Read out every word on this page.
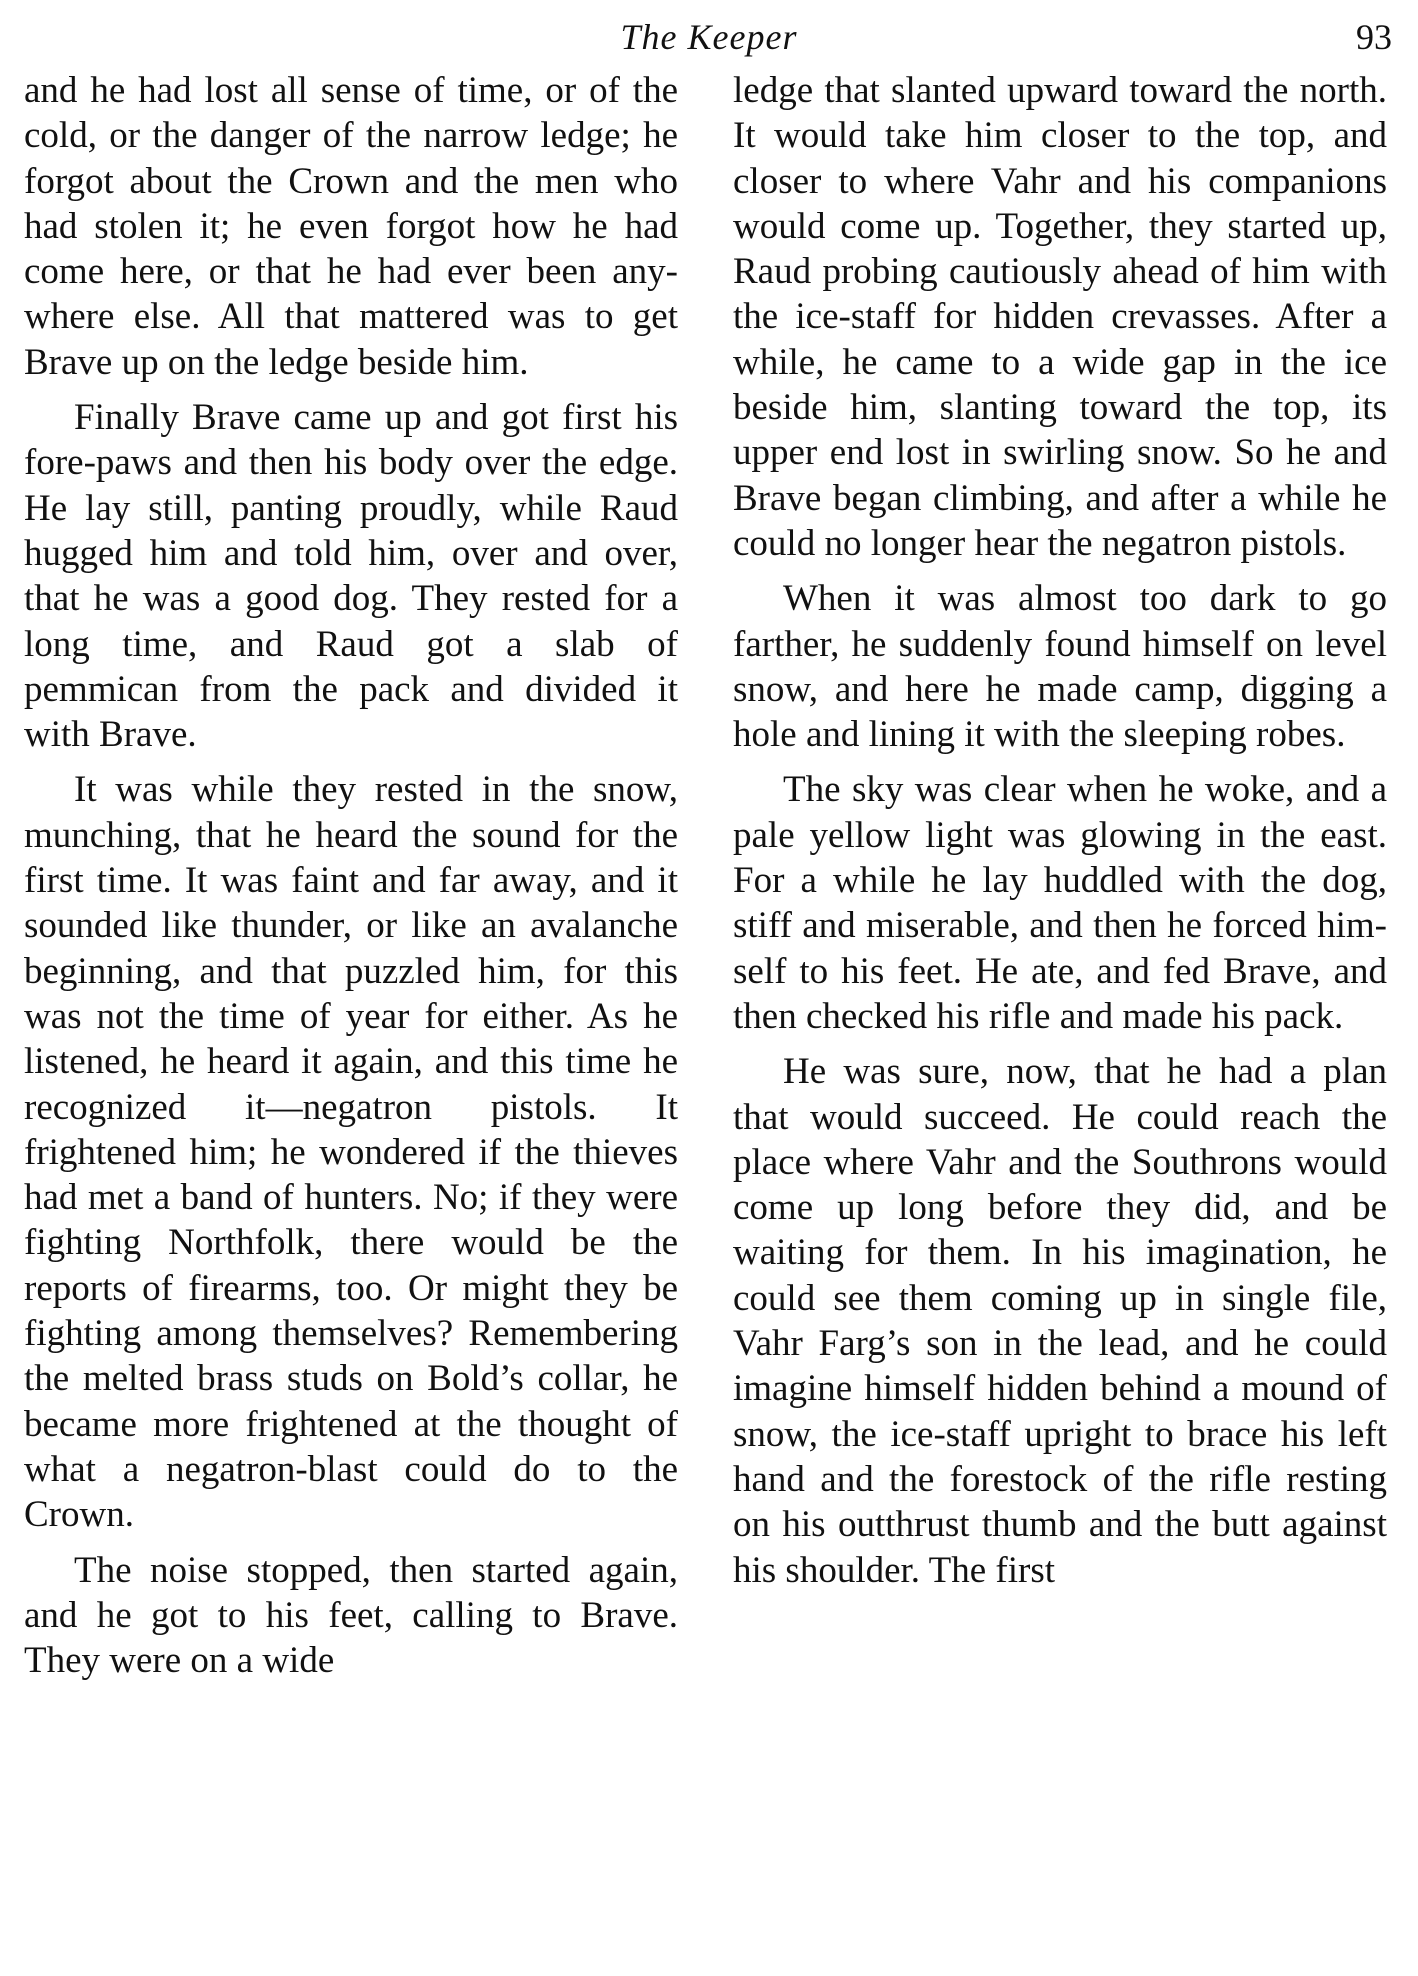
The Keeper	93

and he had lost all sense of time, or of the cold, or the danger of the narrow ledge; he forgot about the Crown and the men who had stolen it; he even forgot how he had come here, or that he had ever been anywhere else. All that mattered was to get Brave up on the ledge beside him.

Finally Brave came up and got first his fore-paws and then his body over the edge. He lay still, panting proudly, while Raud hugged him and told him, over and over, that he was a good dog. They rested for a long time, and Raud got a slab of pemmican from the pack and divided it with Brave.

It was while they rested in the snow, munching, that he heard the sound for the first time. It was faint and far away, and it sounded like thunder, or like an avalanche beginning, and that puzzled him, for this was not the time of year for either. As he listened, he heard it again, and this time he recognized it—negatron pistols. It frightened him; he wondered if the thieves had met a band of hunters. No; if they were fighting Northfolk, there would be the reports of firearms, too. Or might they be fighting among themselves? Remembering the melted brass studs on Bold’s collar, he became more frightened at the thought of what a negatron-blast could do to the Crown.

The noise stopped, then started again, and he got to his feet, calling to Brave. They were on a wide

ledge that slanted upward toward the north. It would take him closer to the top, and closer to where Vahr and his companions would come up. Together, they started up, Raud probing cautiously ahead of him with the ice-staff for hidden crevasses. After a while, he came to a wide gap in the ice beside him, slanting toward the top, its upper end lost in swirling snow. So he and Brave began climbing, and after a while he could no longer hear the negatron pistols.

When it was almost too dark to go farther, he suddenly found himself on level snow, and here he made camp, digging a hole and lining it with the sleeping robes.

The sky was clear when he woke, and a pale yellow light was glowing in the east. For a while he lay huddled with the dog, stiff and miserable, and then he forced himself to his feet. He ate, and fed Brave, and then checked his rifle and made his pack.

He was sure, now, that he had a plan that would succeed. He could reach the place where Vahr and the Southrons would come up long before they did, and be waiting for them. In his imagination, he could see them coming up in single file, Vahr Farg’s son in the lead, and he could imagine himself hidden behind a mound of snow, the ice-staff upright to brace his left hand and the forestock of the rifle resting on his outthrust thumb and the butt against his shoulder. The first
